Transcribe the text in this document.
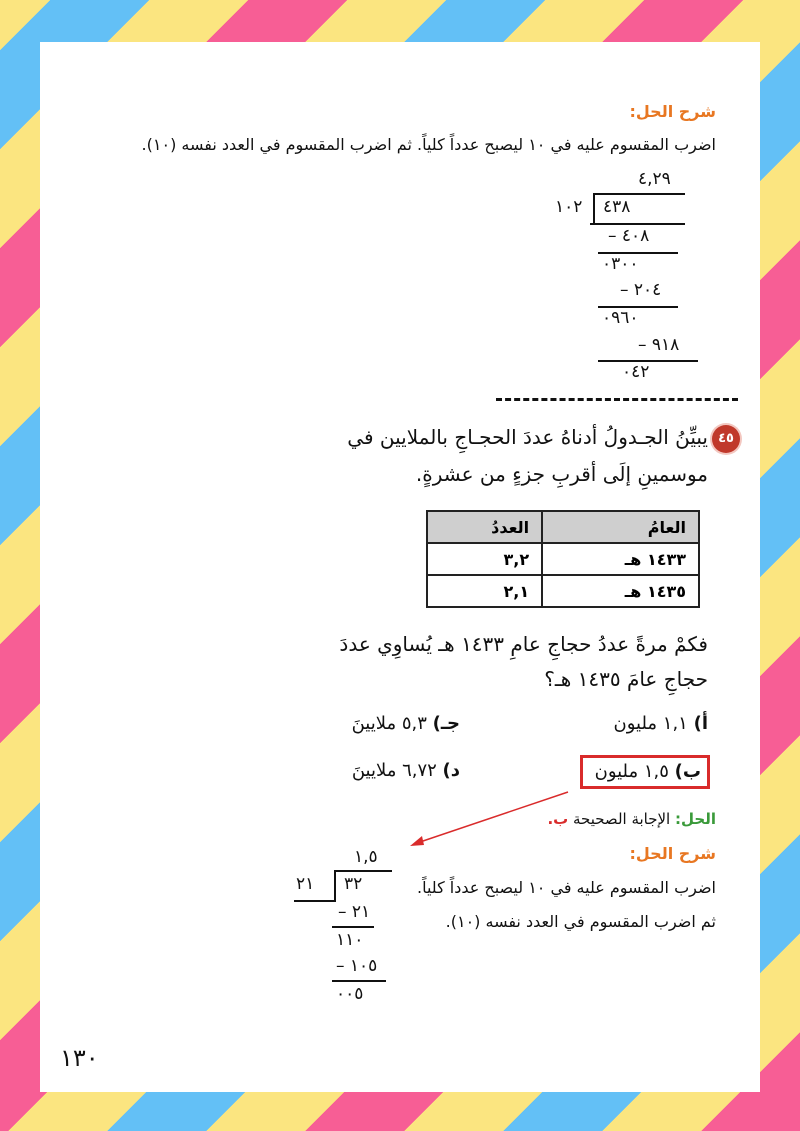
شرح الحل:
اضرب المقسوم عليه في ١٠ ليصبح عدداً كلياً. ثم اضرب المقسوم في العدد نفسه (١٠).
٤,٢٩
١٠٢ ٤٣٨
– ٤٠٨
٠٣٠٠
– ٢٠٤
٠٩٦٠
– ٩١٨
٠٤٢
٤٥
يبيِّنُ الجـدولُ أدناهُ عددَ الحجـاجِ بالملايين في
موسمينِ إلَى أقربِ جزءٍ من عشرةٍ.
العامُ	العددُ
١٤٣٣ هـ	٣,٢
١٤٣٥ هـ	٢,١
فكمْ مرةً عددُ حجاجِ عامِ ١٤٣٣ هـ يُساوِي عددَ
حجاجِ عامَ ١٤٣٥ هـ؟
أ) ١,١ مليون
جـ) ٥,٣ ملايينَ
ب) ١,٥ مليون
د) ٦,٧٢ ملايينَ
الحل: الإجابة الصحيحة ب.
شرح الحل:
اضرب المقسوم عليه في ١٠ ليصبح عدداً كلياً.
ثم اضرب المقسوم في العدد نفسه (١٠).
١,٥
٢١ ٣٢
– ٢١
١١٠
– ١٠٥
٠٠٥
١٣٠
